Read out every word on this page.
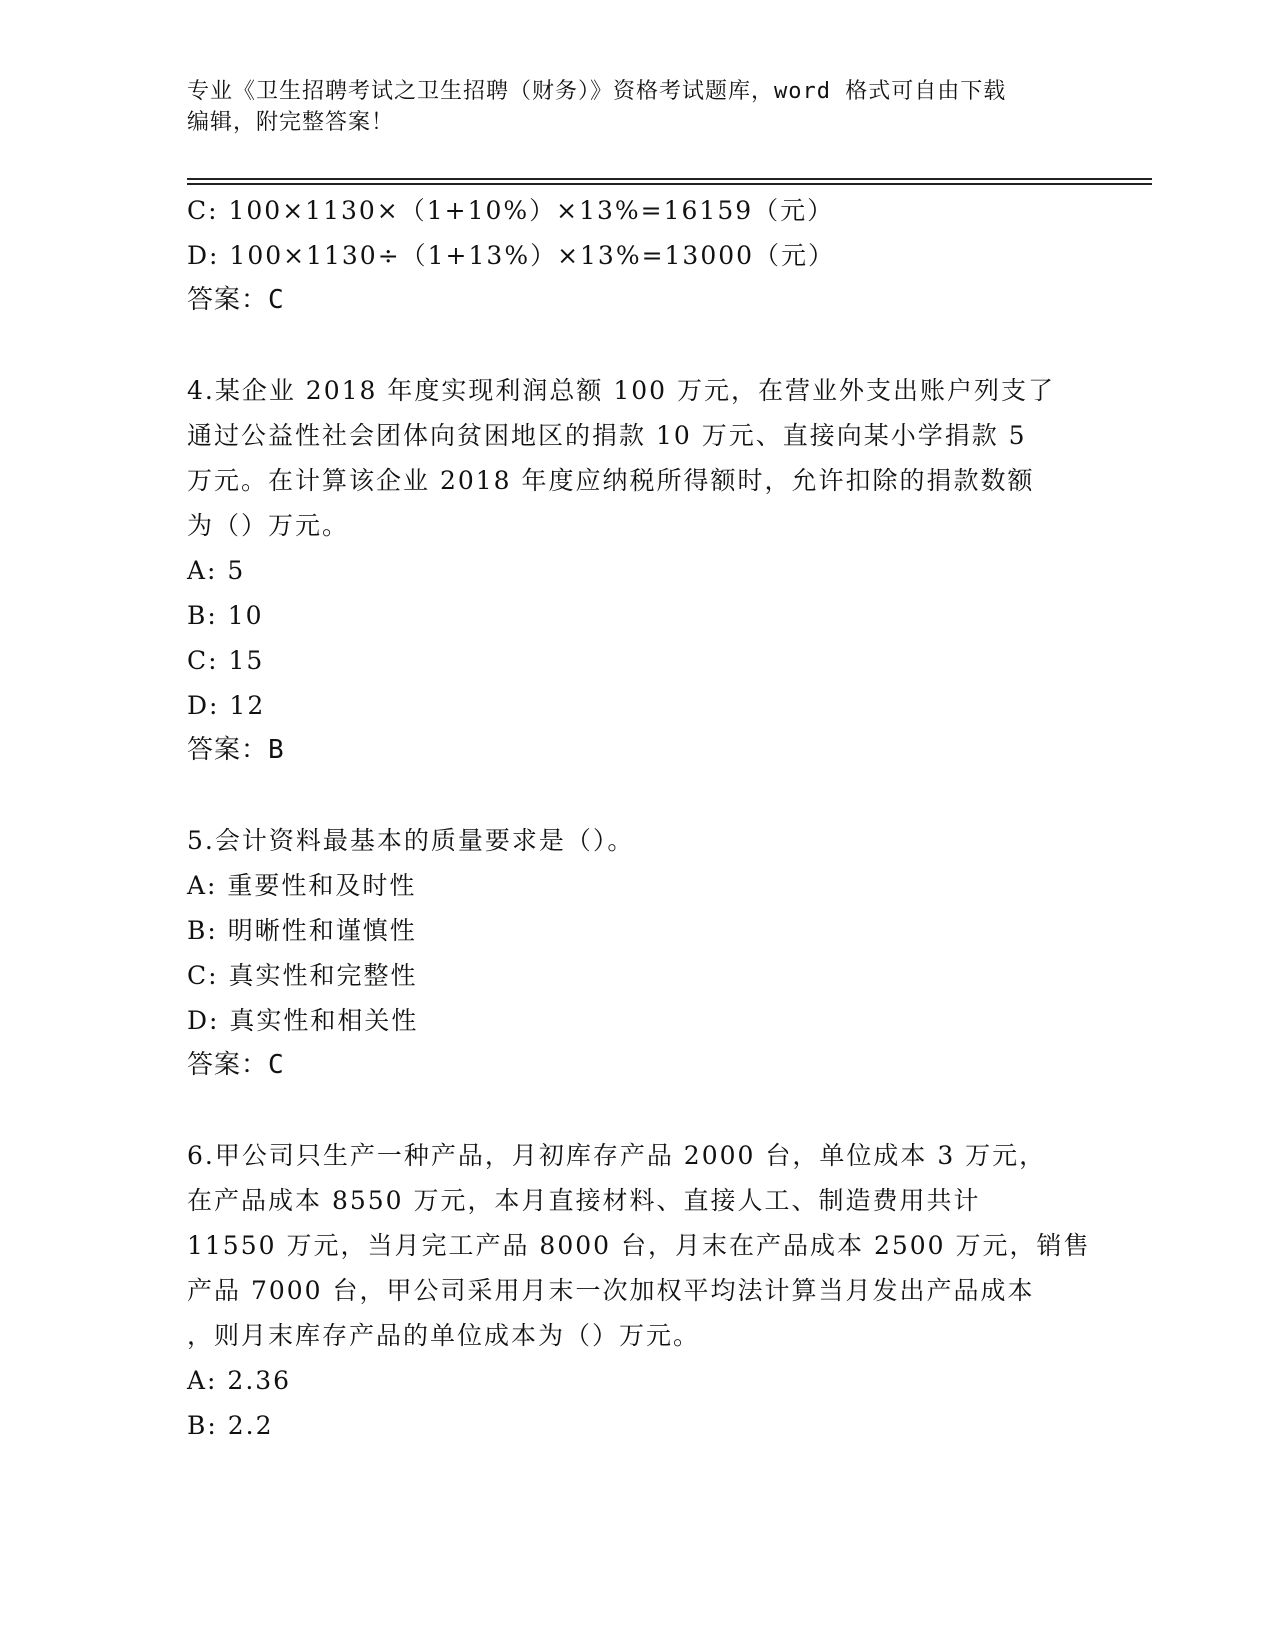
专业《卫生招聘考试之卫生招聘（财务）》资格考试题库，word 格式可自由下载
编辑，附完整答案！
C: 100×1130×（1+10%）×13%=16159（元）
D: 100×1130÷（1+13%）×13%=13000（元）
答案：C
4.某企业 2018 年度实现利润总额 100 万元，在营业外支出账户列支了
通过公益性社会团体向贫困地区的捐款 10 万元、直接向某小学捐款 5
万元。在计算该企业 2018 年度应纳税所得额时，允许扣除的捐款数额
为（）万元。
A: 5
B: 10
C: 15
D: 12
答案：B
5.会计资料最基本的质量要求是（）。
A: 重要性和及时性
B: 明晰性和谨慎性
C: 真实性和完整性
D: 真实性和相关性
答案：C
6.甲公司只生产一种产品，月初库存产品 2000 台，单位成本 3 万元，
在产品成本 8550 万元，本月直接材料、直接人工、制造费用共计
11550 万元，当月完工产品 8000 台，月末在产品成本 2500 万元，销售
产品 7000 台，甲公司采用月末一次加权平均法计算当月发出产品成本
，则月末库存产品的单位成本为（）万元。
A: 2.36
B: 2.2
